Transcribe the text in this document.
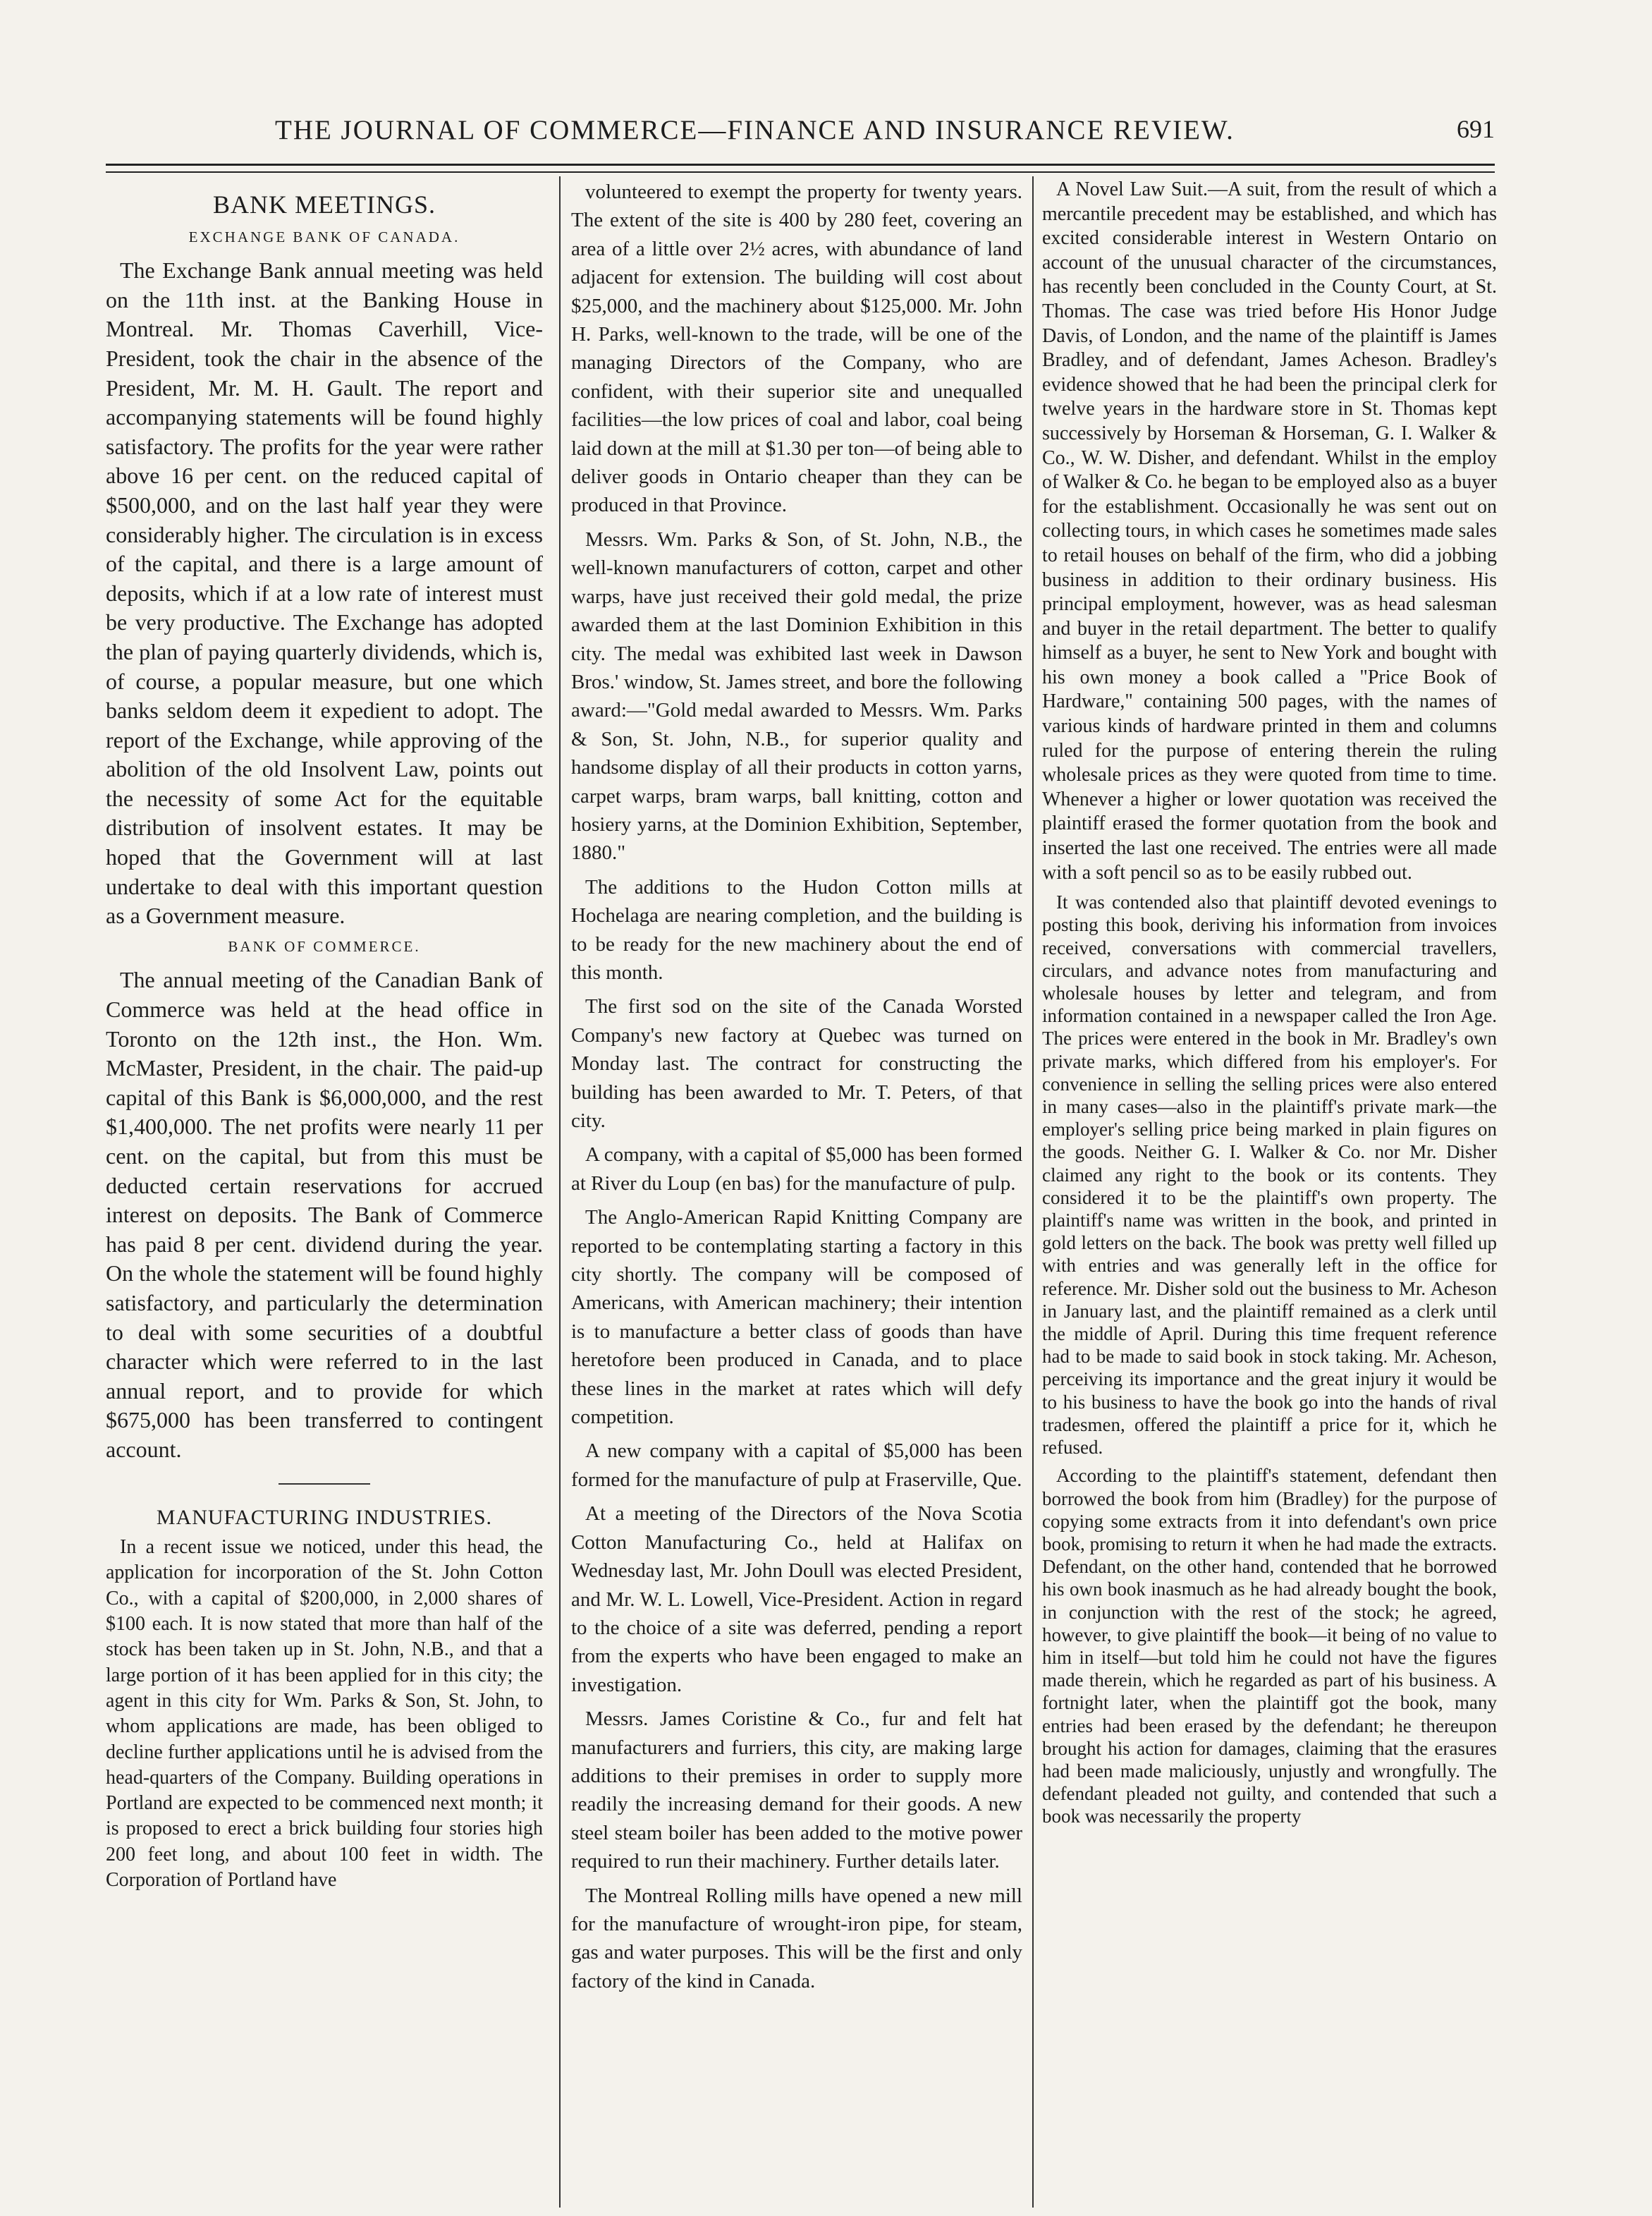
THE JOURNAL OF COMMERCE—FINANCE AND INSURANCE REVIEW.	691
BANK MEETINGS.
EXCHANGE BANK OF CANADA.

The Exchange Bank annual meeting was held on the 11th inst. at the Banking House in Montreal. Mr. Thomas Caverhill, Vice-President, took the chair in the absence of the President, Mr. M. H. Gault. The report and accompanying statements will be found highly satisfactory. The profits for the year were rather above 16 per cent. on the reduced capital of $500,000, and on the last half year they were considerably higher. The circulation is in excess of the capital, and there is a large amount of deposits, which if at a low rate of interest must be very productive. The Exchange has adopted the plan of paying quarterly dividends, which is, of course, a popular measure, but one which banks seldom deem it expedient to adopt. The report of the Exchange, while approving of the abolition of the old Insolvent Law, points out the necessity of some Act for the equitable distribution of insolvent estates. It may be hoped that the Government will at last undertake to deal with this important question as a Government measure.

BANK OF COMMERCE.

The annual meeting of the Canadian Bank of Commerce was held at the head office in Toronto on the 12th inst., the Hon. Wm. McMaster, President, in the chair. The paid-up capital of this Bank is $6,000,000, and the rest $1,400,000. The net profits were nearly 11 per cent. on the capital, but from this must be deducted certain reservations for accrued interest on deposits. The Bank of Commerce has paid 8 per cent. dividend during the year. On the whole the statement will be found highly satisfactory, and particularly the determination to deal with some securities of a doubtful character which were referred to in the last annual report, and to provide for which $675,000 has been transferred to contingent account.

MANUFACTURING INDUSTRIES.

In a recent issue we noticed, under this head, the application for incorporation of the St. John Cotton Co., with a capital of $200,000, in 2,000 shares of $100 each. It is now stated that more than half of the stock has been taken up in St. John, N.B., and that a large portion of it has been applied for in this city; the agent in this city for Wm. Parks & Son, St. John, to whom applications are made, has been obliged to decline further applications until he is advised from the head-quarters of the Company. Building operations in Portland are expected to be commenced next month; it is proposed to erect a brick building four stories high 200 feet long, and about 100 feet in width. The Corporation of Portland have

volunteered to exempt the property for twenty years. The extent of the site is 400 by 280 feet, covering an area of a little over 2½ acres, with abundance of land adjacent for extension. The building will cost about $25,000, and the machinery about $125,000. Mr. John H. Parks, well-known to the trade, will be one of the managing Directors of the Company, who are confident, with their superior site and unequalled facilities—the low prices of coal and labor, coal being laid down at the mill at $1.30 per ton—of being able to deliver goods in Ontario cheaper than they can be produced in that Province.

Messrs. Wm. Parks & Son, of St. John, N.B., the well-known manufacturers of cotton, carpet and other warps, have just received their gold medal, the prize awarded them at the last Dominion Exhibition in this city. The medal was exhibited last week in Dawson Bros.' window, St. James street, and bore the following award:—"Gold medal awarded to Messrs. Wm. Parks & Son, St. John, N.B., for superior quality and handsome display of all their products in cotton yarns, carpet warps, bram warps, ball knitting, cotton and hosiery yarns, at the Dominion Exhibition, September, 1880."

The additions to the Hudon Cotton mills at Hochelaga are nearing completion, and the building is to be ready for the new machinery about the end of this month.

The first sod on the site of the Canada Worsted Company's new factory at Quebec was turned on Monday last. The contract for constructing the building has been awarded to Mr. T. Peters, of that city.

A company, with a capital of $5,000 has been formed at River du Loup (en bas) for the manufacture of pulp.

The Anglo-American Rapid Knitting Company are reported to be contemplating starting a factory in this city shortly. The company will be composed of Americans, with American machinery; their intention is to manufacture a better class of goods than have heretofore been produced in Canada, and to place these lines in the market at rates which will defy competition.

A new company with a capital of $5,000 has been formed for the manufacture of pulp at Fraserville, Que.

At a meeting of the Directors of the Nova Scotia Cotton Manufacturing Co., held at Halifax on Wednesday last, Mr. John Doull was elected President, and Mr. W. L. Lowell, Vice-President. Action in regard to the choice of a site was deferred, pending a report from the experts who have been engaged to make an investigation.

Messrs. James Coristine & Co., fur and felt hat manufacturers and furriers, this city, are making large additions to their premises in order to supply more readily the increasing demand for their goods. A new steel steam boiler has been added to the motive power required to run their machinery. Further details later.

The Montreal Rolling mills have opened a new mill for the manufacture of wrought-iron pipe, for steam, gas and water purposes. This will be the first and only factory of the kind in Canada.

A Novel Law Suit.—A suit, from the result of which a mercantile precedent may be established, and which has excited considerable interest in Western Ontario on account of the unusual character of the circumstances, has recently been concluded in the County Court, at St. Thomas. The case was tried before His Honor Judge Davis, of London, and the name of the plaintiff is James Bradley, and of defendant, James Acheson. Bradley's evidence showed that he had been the principal clerk for twelve years in the hardware store in St. Thomas kept successively by Horseman & Horseman, G. I. Walker & Co., W. W. Disher, and defendant. Whilst in the employ of Walker & Co. he began to be employed also as a buyer for the establishment. Occasionally he was sent out on collecting tours, in which cases he sometimes made sales to retail houses on behalf of the firm, who did a jobbing business in addition to their ordinary business. His principal employment, however, was as head salesman and buyer in the retail department. The better to qualify himself as a buyer, he sent to New York and bought with his own money a book called a "Price Book of Hardware," containing 500 pages, with the names of various kinds of hardware printed in them and columns ruled for the purpose of entering therein the ruling wholesale prices as they were quoted from time to time. Whenever a higher or lower quotation was received the plaintiff erased the former quotation from the book and inserted the last one received. The entries were all made with a soft pencil so as to be easily rubbed out.

It was contended also that plaintiff devoted evenings to posting this book, deriving his information from invoices received, conversations with commercial travellers, circulars, and advance notes from manufacturing and wholesale houses by letter and telegram, and from information contained in a newspaper called the Iron Age. The prices were entered in the book in Mr. Bradley's own private marks, which differed from his employer's. For convenience in selling the selling prices were also entered in many cases—also in the plaintiff's private mark—the employer's selling price being marked in plain figures on the goods. Neither G. I. Walker & Co. nor Mr. Disher claimed any right to the book or its contents. They considered it to be the plaintiff's own property. The plaintiff's name was written in the book, and printed in gold letters on the back. The book was pretty well filled up with entries and was generally left in the office for reference. Mr. Disher sold out the business to Mr. Acheson in January last, and the plaintiff remained as a clerk until the middle of April. During this time frequent reference had to be made to said book in stock taking. Mr. Acheson, perceiving its importance and the great injury it would be to his business to have the book go into the hands of rival tradesmen, offered the plaintiff a price for it, which he refused.

According to the plaintiff's statement, defendant then borrowed the book from him (Bradley) for the purpose of copying some extracts from it into defendant's own price book, promising to return it when he had made the extracts. Defendant, on the other hand, contended that he borrowed his own book inasmuch as he had already bought the book, in conjunction with the rest of the stock; he agreed, however, to give plaintiff the book—it being of no value to him in itself—but told him he could not have the figures made therein, which he regarded as part of his business. A fortnight later, when the plaintiff got the book, many entries had been erased by the defendant; he thereupon brought his action for damages, claiming that the erasures had been made maliciously, unjustly and wrongfully. The defendant pleaded not guilty, and contended that such a book was necessarily the property
